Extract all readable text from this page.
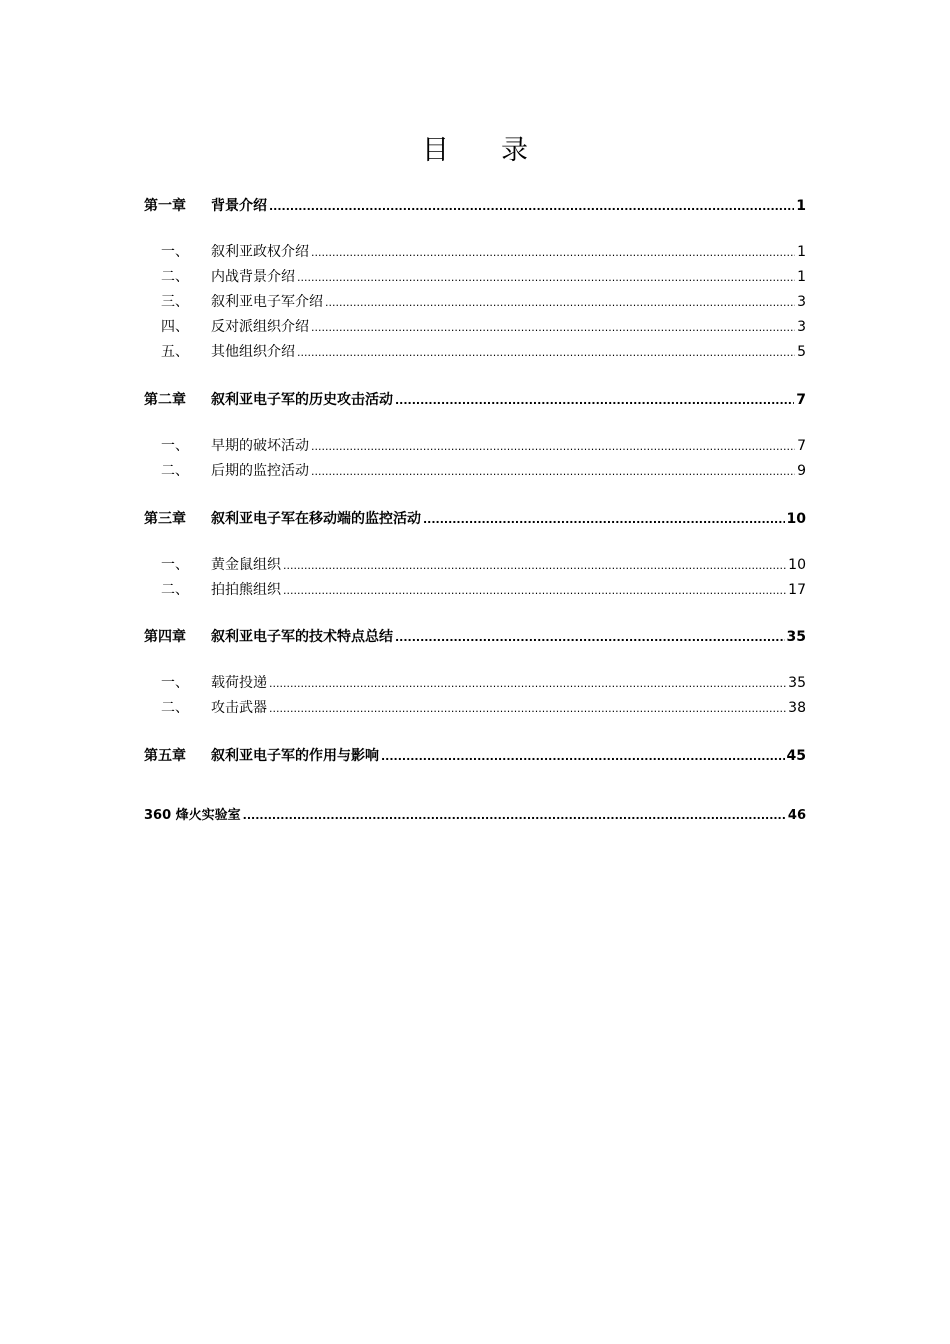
目 录
第一章	背景介绍 .....	1
一、	叙利亚政权介绍 .....	1
二、	内战背景介绍 .....	1
三、	叙利亚电子军介绍 .....	3
四、	反对派组织介绍 .....	3
五、	其他组织介绍 .....	5
第二章	叙利亚电子军的历史攻击活动 .....	7
一、	早期的破坏活动 .....	7
二、	后期的监控活动 .....	9
第三章	叙利亚电子军在移动端的监控活动 .....	10
一、	黄金鼠组织 .....	10
二、	拍拍熊组织 .....	17
第四章	叙利亚电子军的技术特点总结 .....	35
一、	载荷投递 .....	35
二、	攻击武器 .....	38
第五章	叙利亚电子军的作用与影响 .....	45
360 烽火实验室 .....	46
